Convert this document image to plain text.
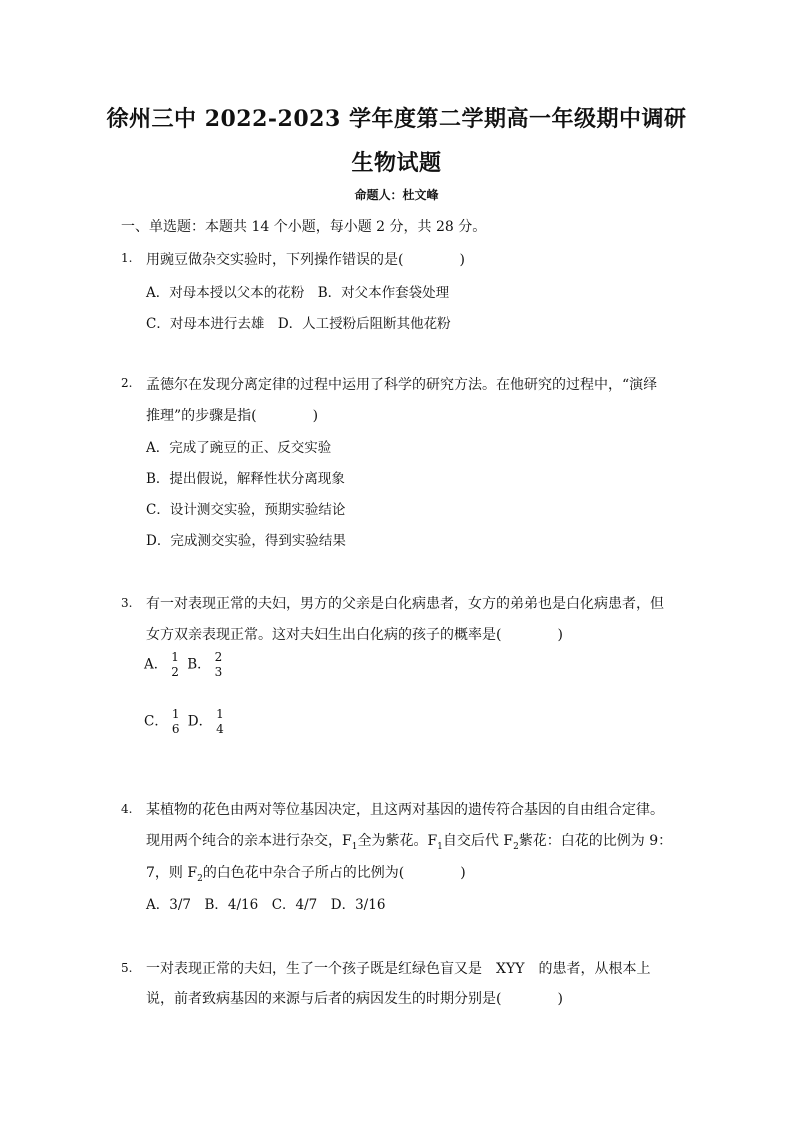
徐州三中 2022-2023 学年度第二学期高一年级期中调研
生物试题
命题人：杜文峰
一、单选题：本题共 14 个小题，每小题 2 分，共 28 分。
1. 用豌豆做杂交实验时，下列操作错误的是(　　　　)
A．对母本授以父本的花粉　B．对父本作套袋处理
C．对母本进行去雄　D．人工授粉后阻断其他花粉
2. 孟德尔在发现分离定律的过程中运用了科学的研究方法。在他研究的过程中，“演绎
推理”的步骤是指(　　　　)
A．完成了豌豆的正、反交实验
B．提出假说，解释性状分离现象
C．设计测交实验，预期实验结论
D．完成测交实验，得到实验结果
3. 有一对表现正常的夫妇，男方的父亲是白化病患者，女方的弟弟也是白化病患者，但
女方双亲表现正常。这对夫妇生出白化病的孩子的概率是(　　　　)
A． 1
2 B． 2
3
C． 1
6 D． 1
4
4. 某植物的花色由两对等位基因决定，且这两对基因的遗传符合基因的自由组合定律。
现用两个纯合的亲本进行杂交，$F_1$全为紫花。$F_1$自交后代 $F_2$紫花：白花的比例为 9：
7，则 $F_2$的白色花中杂合子所占的比例为(　　　　)
A．3/7　B．4/16　C．4/7　D．3/16
5. 一对表现正常的夫妇，生了一个孩子既是红绿色盲又是　XYY　的患者，从根本上
说，前者致病基因的来源与后者的病因发生的时期分别是(　　　　)
